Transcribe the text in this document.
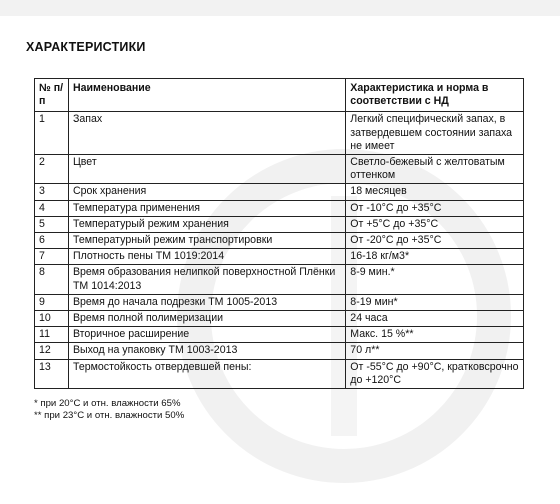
ХАРАКТЕРИСТИКИ
№ п/п	Наименование	Характеристика и норма в соответствии с НД
1	Запах	Легкий специфический запах, в затвердевшем состоянии запаха не имеет
2	Цвет	Светло-бежевый с желтоватым оттенком
3	Срок хранения	18 месяцев
4	Температура применения	От -10°С до +35°С
5	Температурый режим хранения	От +5°С до +35°С
6	Температурный режим транспортировки	От -20°С до +35°С
7	Плотность пены ТМ 1019:2014	16-18 кг/м3*
8	Время образования нелипкой поверхностной Плёнки ТМ 1014:2013	8-9 мин.*
9	Время до начала подрезки ТМ 1005-2013	8-19 мин*
10	Время полной полимеризации	24 часа
11	Вторичное расширение	Макс. 15 %**
12	Выход на упаковку ТМ 1003-2013	70 л**
13	Термостойкость отвердевшей пены:	От -55°С до +90°С, кратковсрочно до +120°С
* при 20°С и отн. влажности 65%
** при 23°С и отн. влажности 50%
